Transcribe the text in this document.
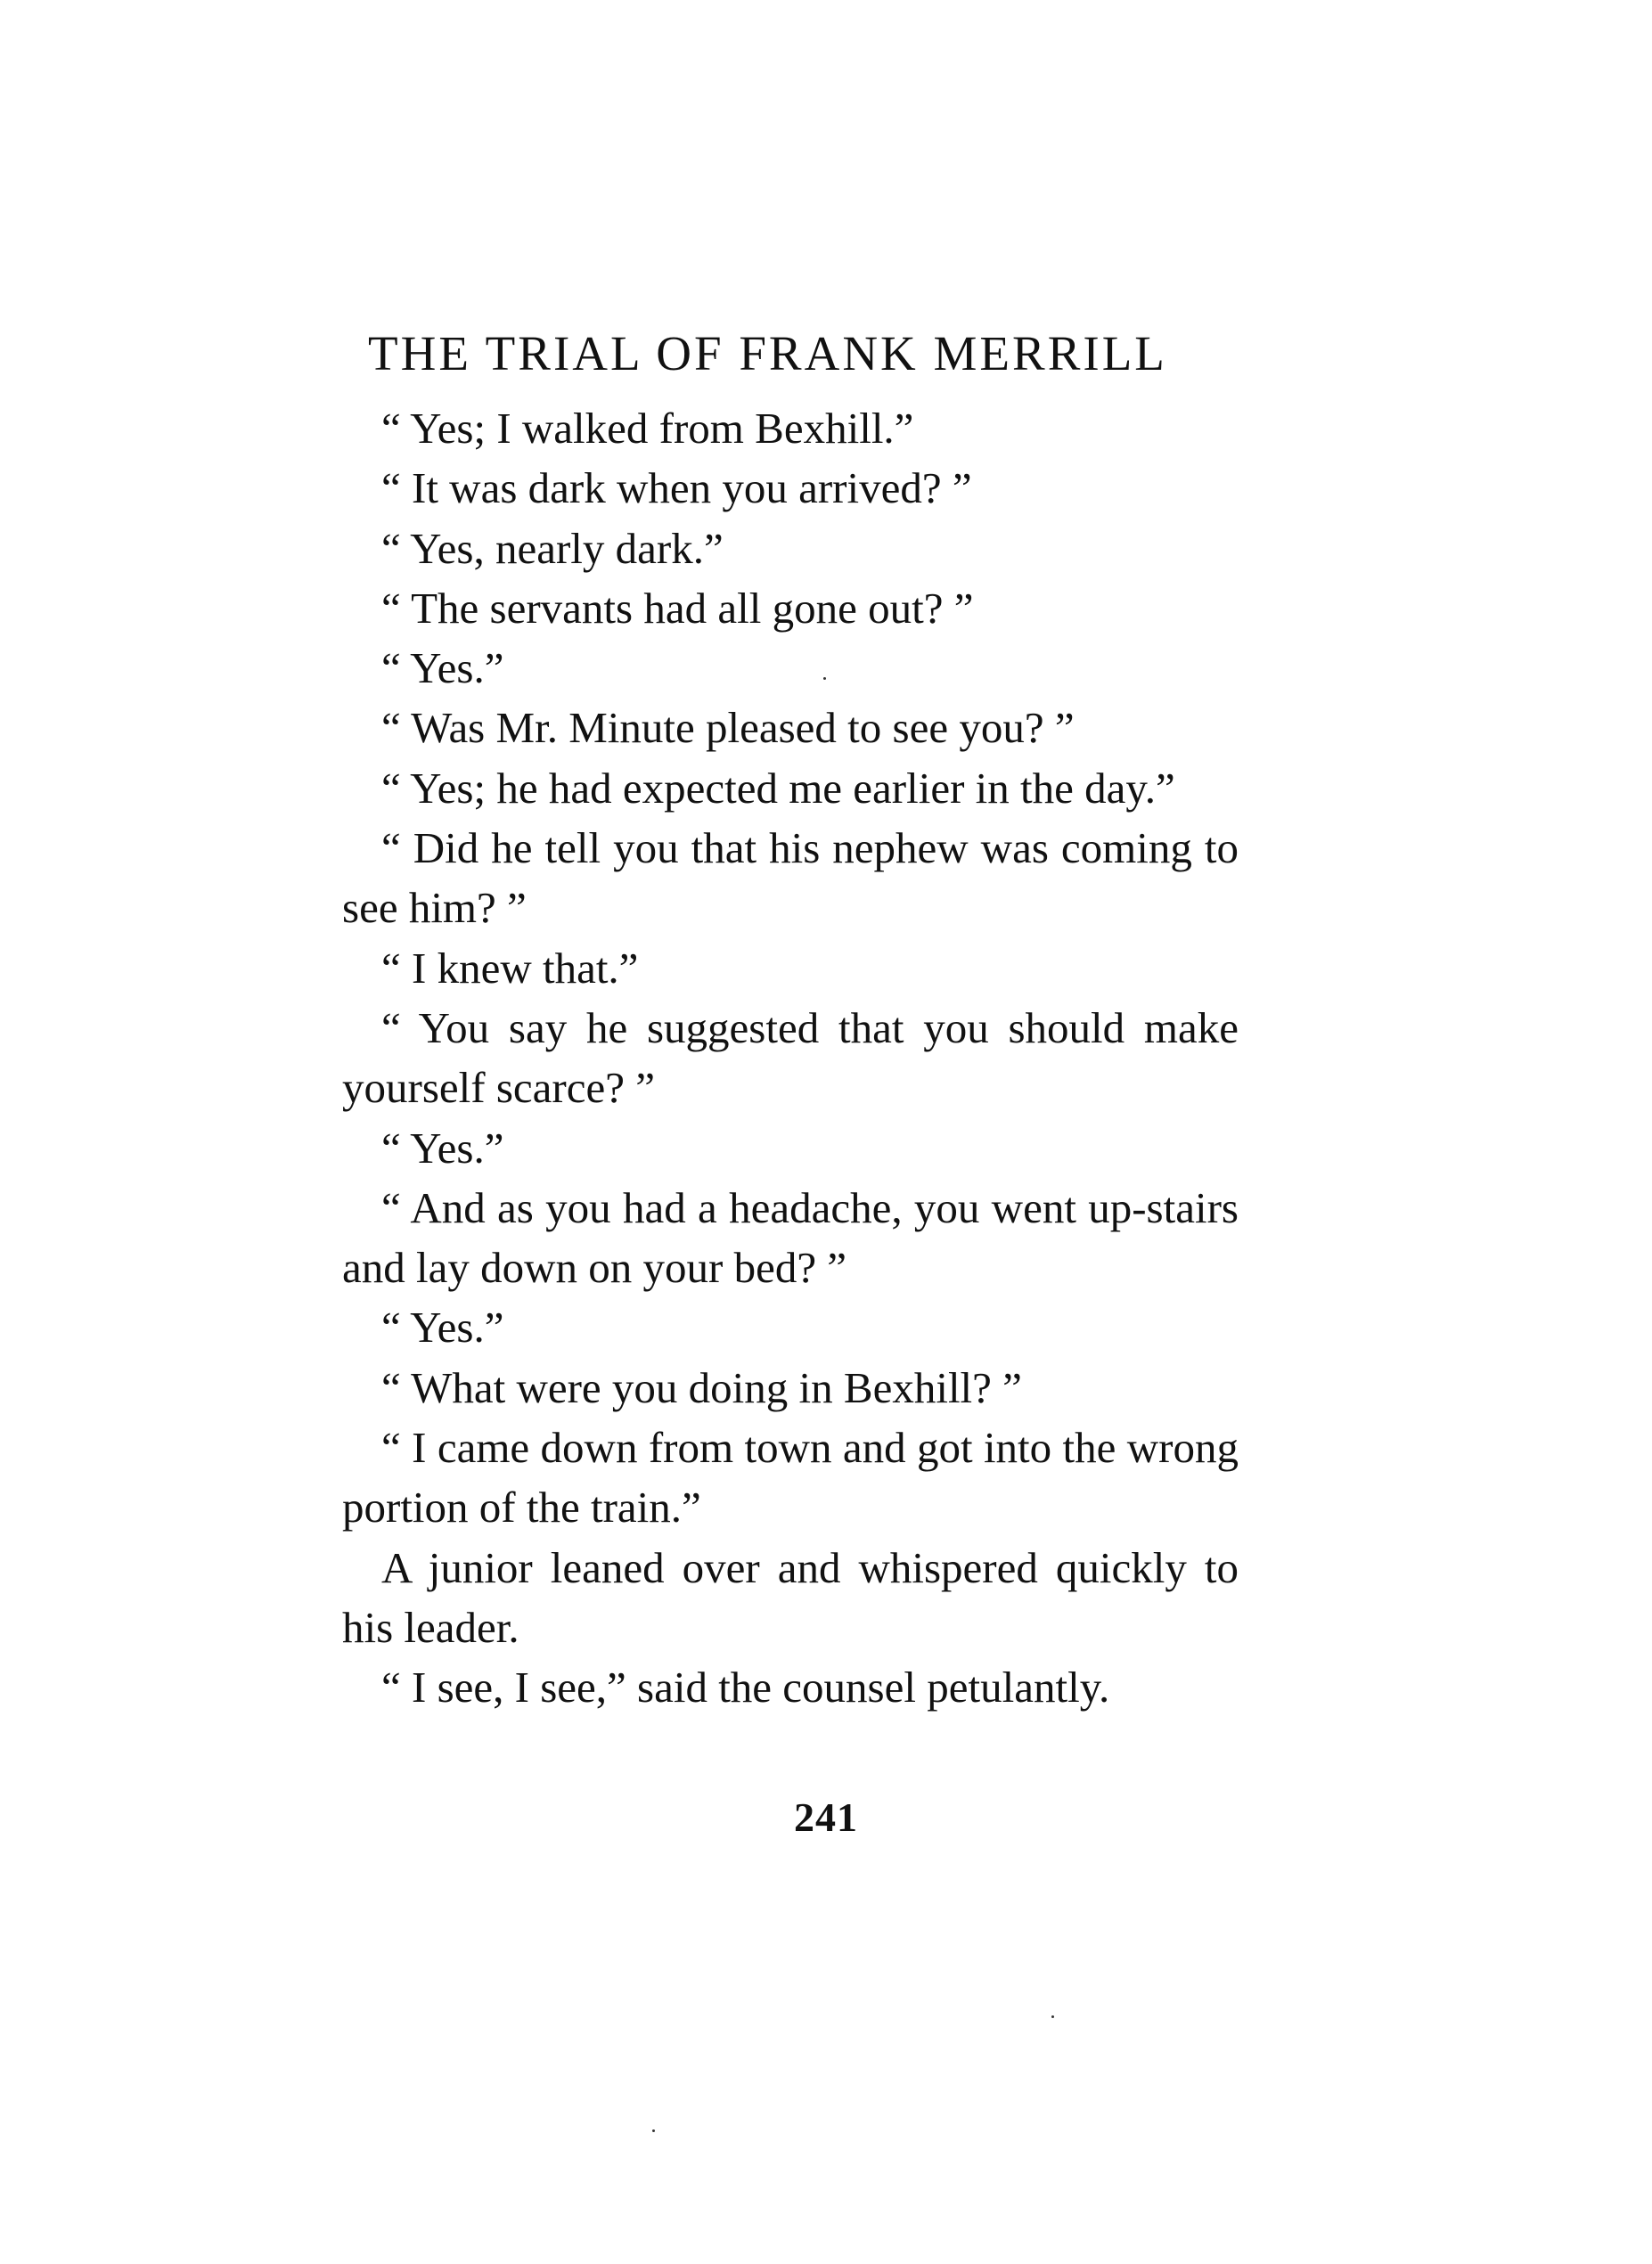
THE TRIAL OF FRANK MERRILL

“ Yes; I walked from Bexhill.”

“ It was dark when you arrived? ”

“ Yes, nearly dark.”

“ The servants had all gone out? ”

“ Yes.”

“ Was Mr. Minute pleased to see you? ”

“ Yes; he had expected me earlier in the day.”

“ Did he tell you that his nephew was coming to see him? ”

“ I knew that.”

“ You say he suggested that you should make yourself scarce? ”

“ Yes.”

“ And as you had a headache, you went up-stairs and lay down on your bed? ”

“ Yes.”

“ What were you doing in Bexhill? ”

“ I came down from town and got into the wrong portion of the train.”

A junior leaned over and whispered quickly to his leader.

“ I see, I see,” said the counsel petulantly.

241
